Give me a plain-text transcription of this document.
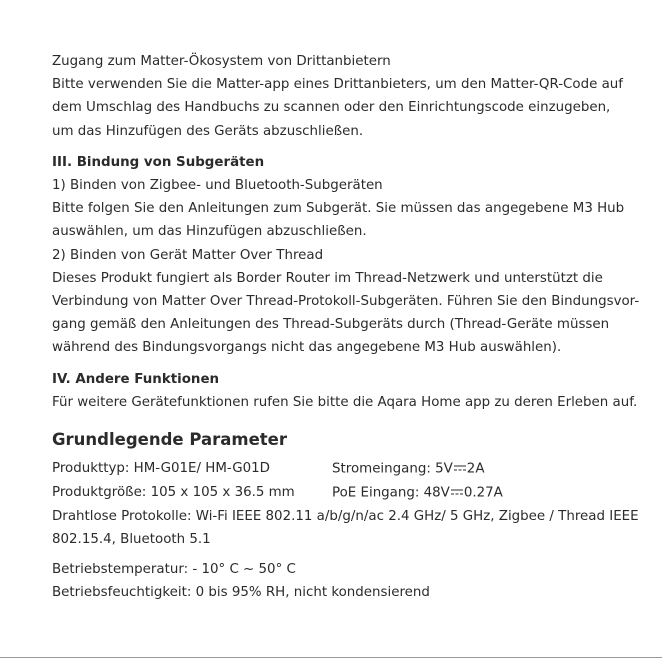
Zugang zum Matter-Ökosystem von Drittanbietern
Bitte verwenden Sie die Matter-app eines Drittanbieters, um den Matter-QR-Code auf
dem Umschlag des Handbuchs zu scannen oder den Einrichtungscode einzugeben,
um das Hinzufügen des Geräts abzuschließen.
III. Bindung von Subgeräten
1) Binden von Zigbee- und Bluetooth-Subgeräten
Bitte folgen Sie den Anleitungen zum Subgerät. Sie müssen das angegebene M3 Hub
auswählen, um das Hinzufügen abzuschließen.
2) Binden von Gerät Matter Over Thread
Dieses Produkt fungiert als Border Router im Thread-Netzwerk und unterstützt die
Verbindung von Matter Over Thread-Protokoll-Subgeräten. Führen Sie den Bindungsvor-
gang gemäß den Anleitungen des Thread-Subgeräts durch (Thread-Geräte müssen
während des Bindungsvorgangs nicht das angegebene M3 Hub auswählen).
IV. Andere Funktionen
Für weitere Gerätefunktionen rufen Sie bitte die Aqara Home app zu deren Erleben auf.
Grundlegende Parameter
Produkttyp: HM-G01E/ HM-G01D	Stromeingang: 5V 2A
Produktgröße: 105 x 105 x 36.5 mm	PoE Eingang: 48V 0.27A
Drahtlose Protokolle: Wi-Fi IEEE 802.11 a/b/g/n/ac 2.4 GHz/ 5 GHz, Zigbee / Thread IEEE
802.15.4, Bluetooth 5.1
Betriebstemperatur: - 10° C ~ 50° C
Betriebsfeuchtigkeit: 0 bis 95% RH, nicht kondensierend
